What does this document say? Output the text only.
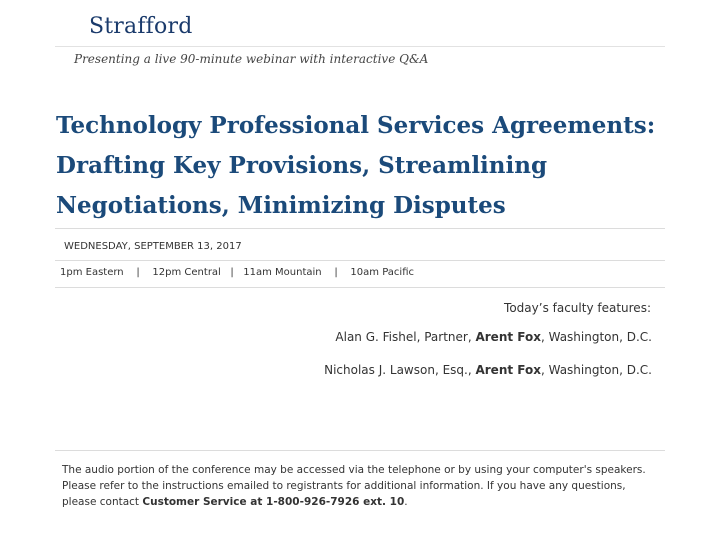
Strafford
Presenting a live 90-minute webinar with interactive Q&A
Technology Professional Services Agreements:
Drafting Key Provisions, Streamlining
Negotiations, Minimizing Disputes
WEDNESDAY, SEPTEMBER 13, 2017
1pm Eastern    |    12pm Central   |   11am Mountain    |    10am Pacific
Today’s faculty features:
Alan G. Fishel, Partner, Arent Fox, Washington, D.C.
Nicholas J. Lawson, Esq., Arent Fox, Washington, D.C.
The audio portion of the conference may be accessed via the telephone or by using your computer's speakers. Please refer to the instructions emailed to registrants for additional information. If you have any questions, please contact Customer Service at 1-800-926-7926 ext. 10.
